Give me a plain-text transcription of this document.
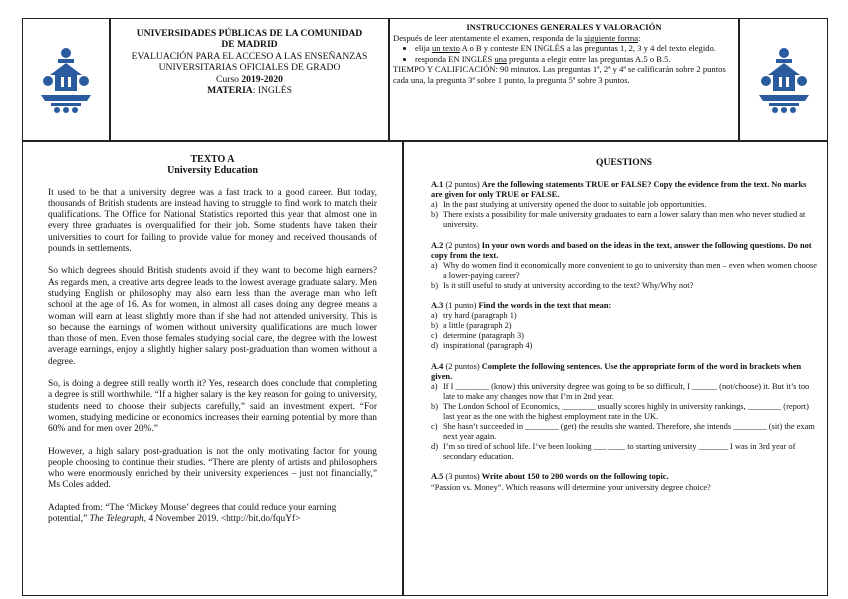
UNIVERSIDADES PÚBLICAS DE LA COMUNIDAD
DE MADRID
EVALUACIÓN PARA EL ACCESO A LAS ENSEÑANZAS
UNIVERSITARIAS OFICIALES DE GRADO
Curso 2019-2020
MATERIA: INGLÉS
INSTRUCCIONES GENERALES Y VALORACIÓN
Después de leer atentamente el examen, responda de la siguiente forma:
• elija un texto A o B y conteste EN INGLÉS a las preguntas 1, 2, 3 y 4 del texto elegido.
• responda EN INGLÉS una pregunta a elegir entre las preguntas A.5 o B.5.
TIEMPO Y CALIFICACIÓN: 90 minutos. Las preguntas 1ª, 2ª y 4ª se calificarán sobre 2 puntos cada una, la pregunta 3ª sobre 1 punto, la pregunta 5ª sobre 3 puntos.
TEXTO A
University Education

It used to be that a university degree was a fast track to a good career. But today, thousands of British students are instead having to struggle to find work to match their qualifications. The Office for National Statistics reported this year that almost one in every three graduates is overqualified for their job. Some students have taken their universities to court for failing to provide value for money and received thousands of pounds in settlements.

So which degrees should British students avoid if they want to become high earners? As regards men, a creative arts degree leads to the lowest average graduate salary. Men studying English or philosophy may also earn less than the average man who left school at the age of 16. As for women, in almost all cases doing any degree means a woman will earn at least slightly more than if she had not attended university. This is so because the earnings of women without university qualifications are much lower than those of men. Even those females studying social care, the degree with the lowest average earnings, enjoy a slightly higher salary post-graduation than women without a degree.

So, is doing a degree still really worth it? Yes, research does conclude that completing a degree is still worthwhile. “If a higher salary is the key reason for going to university, students need to choose their subjects carefully,” said an investment expert. “For women, studying medicine or economics increases their earning potential by more than 60% and for men over 20%.”

However, a high salary post-graduation is not the only motivating factor for young people choosing to continue their studies. “There are plenty of artists and philosophers who were enormously enriched by their university experiences – just not financially,” Ms Coles added.

Adapted from: “The ‘Mickey Mouse’ degrees that could reduce your earning potential,” The Telegraph, 4 November 2019. <http://bit.do/fquYf>

QUESTIONS
A.1 (2 puntos) Are the following statements TRUE or FALSE? Copy the evidence from the text. No marks are given for only TRUE or FALSE.
a) In the past studying at university opened the door to suitable job opportunities.
b) There exists a possibility for male university graduates to earn a lower salary than men who never studied at university.
A.2 (2 puntos) In your own words and based on the ideas in the text, answer the following questions. Do not copy from the text.
a) Why do women find it economically more convenient to go to university than men – even when women choose a lower-paying career?
b) Is it still useful to study at university according to the text? Why/Why not?
A.3 (1 punto) Find the words in the text that mean:
a) try hard (paragraph 1)
b) a little (paragraph 2)
c) determine (paragraph 3)
d) inspirational (paragraph 4)
A.4 (2 puntos) Complete the following sentences. Use the appropriate form of the word in brackets when given.
a) If I ________ (know) this university degree was going to be so difficult, I ______ (not/choose) it. But it’s too late to make any changes now that I’m in 2nd year.
b) The London School of Economics, ________ usually scores highly in university rankings, ________ (report) last year as the one with the highest employment rate in the UK.
c) She hasn’t succeeded in ________ (get) the results she wanted. Therefore, she intends ________ (sit) the exam next year again.
d) I’m so tired of school life. I’ve been looking ___ ____ to starting university _______ I was in 3rd year of secondary education.
A.5 (3 puntos) Write about 150 to 200 words on the following topic.
“Passion vs. Money”. Which reasons will determine your university degree choice?
